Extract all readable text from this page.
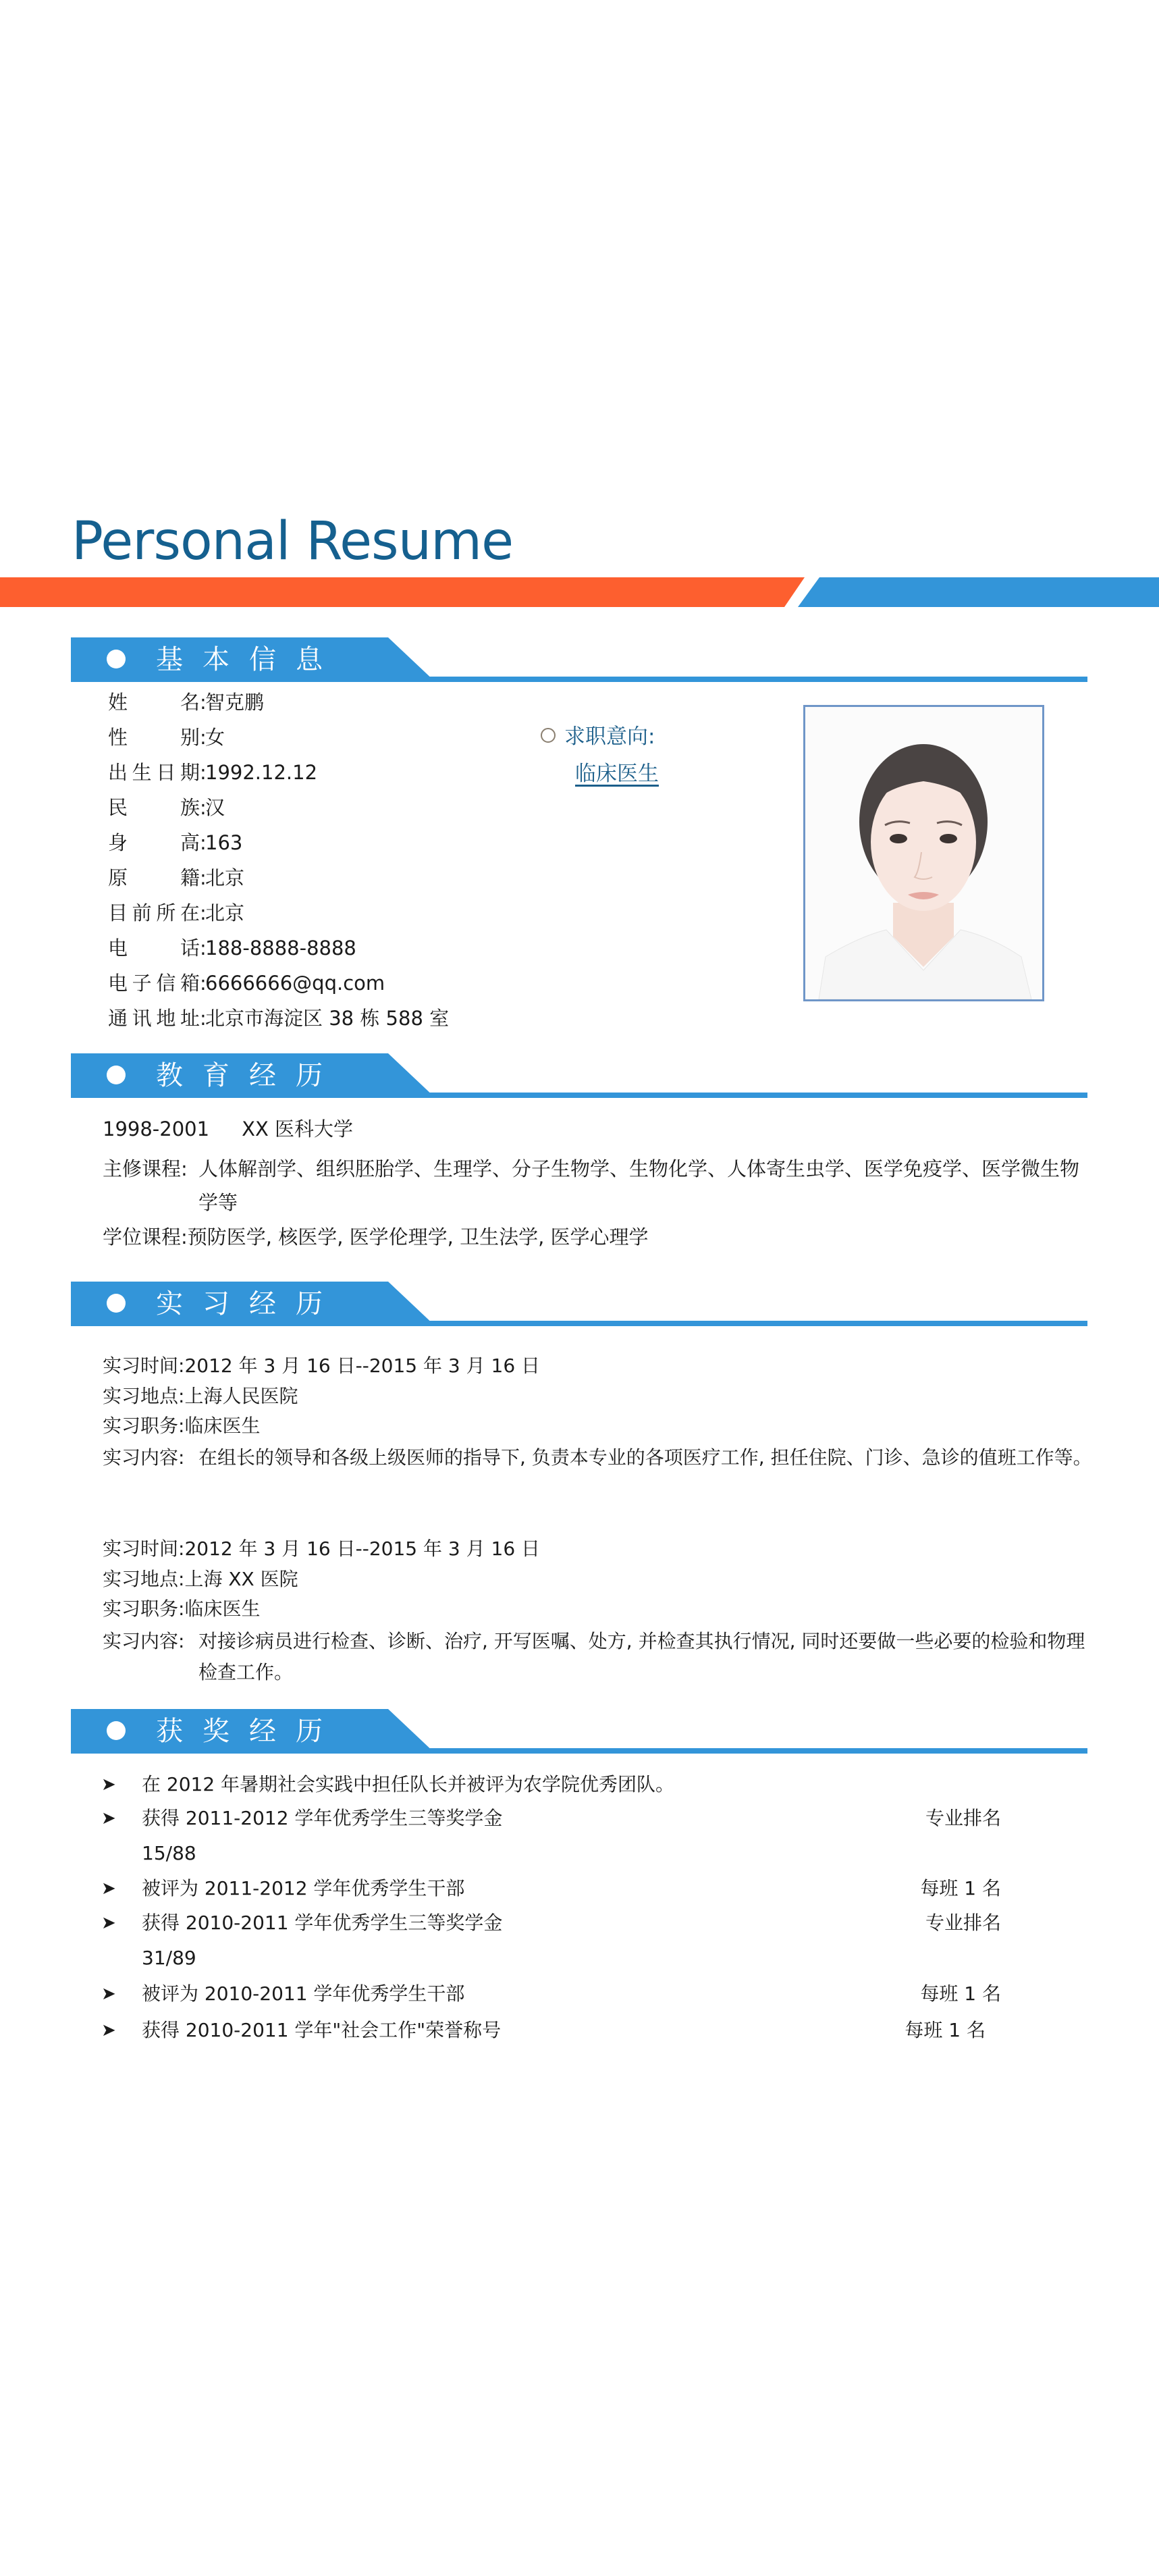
Personal Resume
基本信息
姓名:智克鹏
性别:女
出生日期:1992.12.12
民族:汉
身高:163
原籍:北京
目前所在:北京
电话:188-8888-8888
电子信箱:6666666@qq.com
通讯地址:北京市海淀区 38 栋 588 室
求职意向:
临床医生
教育经历
1998-2001 XX 医科大学
主修课程: 人体解剖学、组织胚胎学、生理学、分子生物学、生物化学、人体寄生虫学、医学免疫学、医学微生物学等
学位课程:预防医学, 核医学, 医学伦理学, 卫生法学, 医学心理学
实习经历
实习时间:2012 年 3 月 16 日--2015 年 3 月 16 日
实习地点:上海人民医院
实习职务:临床医生
实习内容: 在组长的领导和各级上级医师的指导下, 负责本专业的各项医疗工作, 担任住院、门诊、急诊的值班工作等。
实习时间:2012 年 3 月 16 日--2015 年 3 月 16 日
实习地点:上海 XX 医院
实习职务:临床医生
实习内容: 对接诊病员进行检查、诊断、治疗, 开写医嘱、处方, 并检查其执行情况, 同时还要做一些必要的检验和物理检查工作。
获奖经历
➤ 在 2012 年暑期社会实践中担任队长并被评为农学院优秀团队。
➤ 获得 2011-2012 学年优秀学生三等奖学金	专业排名
15/88
➤ 被评为 2011-2012 学年优秀学生干部	每班 1 名
➤ 获得 2010-2011 学年优秀学生三等奖学金	专业排名
31/89
➤ 被评为 2010-2011 学年优秀学生干部	每班 1 名
➤ 获得 2010-2011 学年"社会工作"荣誉称号	每班 1 名
